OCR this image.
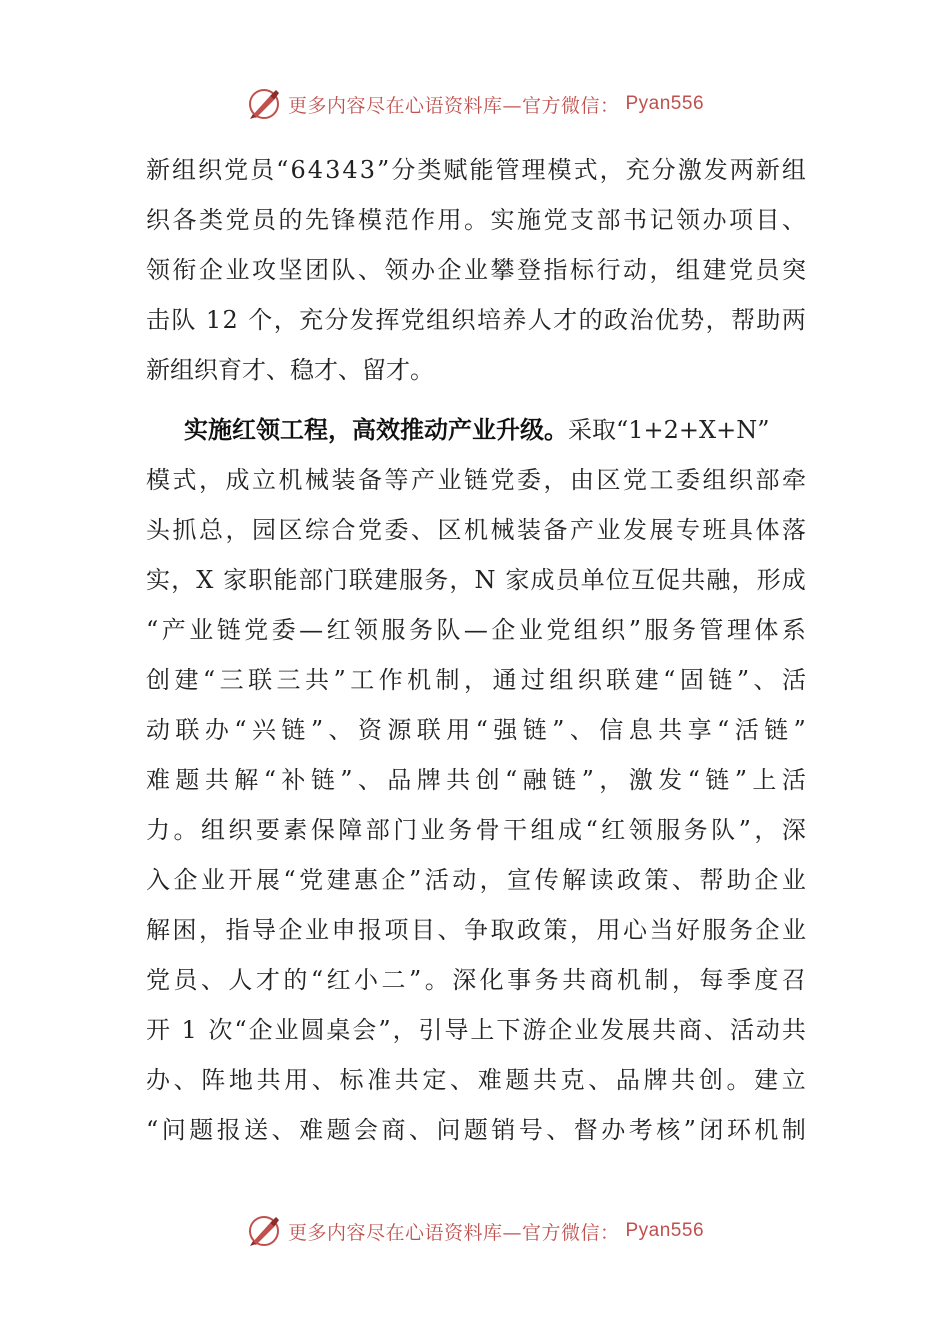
更多内容尽在心语资料库—官方微信： Pyan556
新 组 织 党 员 “ 6 4 3 4 3 ” 分 类 赋 能 管 理 模 式 ， 充 分 激 发 两 新 组
织 各 类 党 员 的 先 锋 模 范 作 用 。 实 施 党 支 部 书 记 领 办 项 目 、
领 衔 企 业 攻 坚 团 队 、 领 办 企 业 攀 登 指 标 行 动 ， 组 建 党 员 突
击 队
1 2
个 ， 充 分 发 挥 党 组 织 培 养 人 才 的 政 治 优 势 ， 帮 助 两
新组织育才、稳才、留才。
实施红领工程，高效推动产业升级。 采取“1+2+X+N”
模 式 ， 成 立 机 械 装 备 等 产 业 链 党 委 ， 由 区 党 工 委 组 织 部 牵
头 抓 总 ， 园 区 综 合 党 委 、 区 机 械 装 备 产 业 发 展 专 班 具 体 落
实 ， X
家 职 能 部 门 联 建 服 务 ， N
家 成 员 单 位 互 促 共 融 ， 形 成
“ 产 业 链 党 委 — 红 领 服 务 队 — 企 业 党 组 织 ” 服 务 管 理 体 系
创 建 “ 三 联 三 共 ” 工 作 机 制 ， 通 过 组 织 联 建 “ 固 链 ” 、 活
动 联 办 “ 兴 链 ” 、 资 源 联 用 “ 强 链 ” 、 信 息 共 享 “ 活 链 ”
难 题 共 解 “ 补 链 ” 、 品 牌 共 创 “ 融 链 ” ， 激 发 “ 链 ” 上 活
力 。 组 织 要 素 保 障 部 门 业 务 骨 干 组 成 “ 红 领 服 务 队 ” ， 深
入 企 业 开 展 “ 党 建 惠 企 ” 活 动 ， 宣 传 解 读 政 策 、 帮 助 企 业
解 困 ， 指 导 企 业 申 报 项 目 、 争 取 政 策 ， 用 心 当 好 服 务 企 业
党 员 、 人 才 的 “ 红 小 二 ” 。 深 化 事 务 共 商 机 制 ， 每 季 度 召
开
1
次 “ 企 业 圆 桌 会 ” ， 引 导 上 下 游 企 业 发 展 共 商 、 活 动 共
办 、 阵 地 共 用 、 标 准 共 定 、 难 题 共 克 、 品 牌 共 创 。 建 立
“ 问 题 报 送 、 难 题 会 商 、 问 题 销 号 、 督 办 考 核 ” 闭 环 机 制
更多内容尽在心语资料库—官方微信： Pyan556
